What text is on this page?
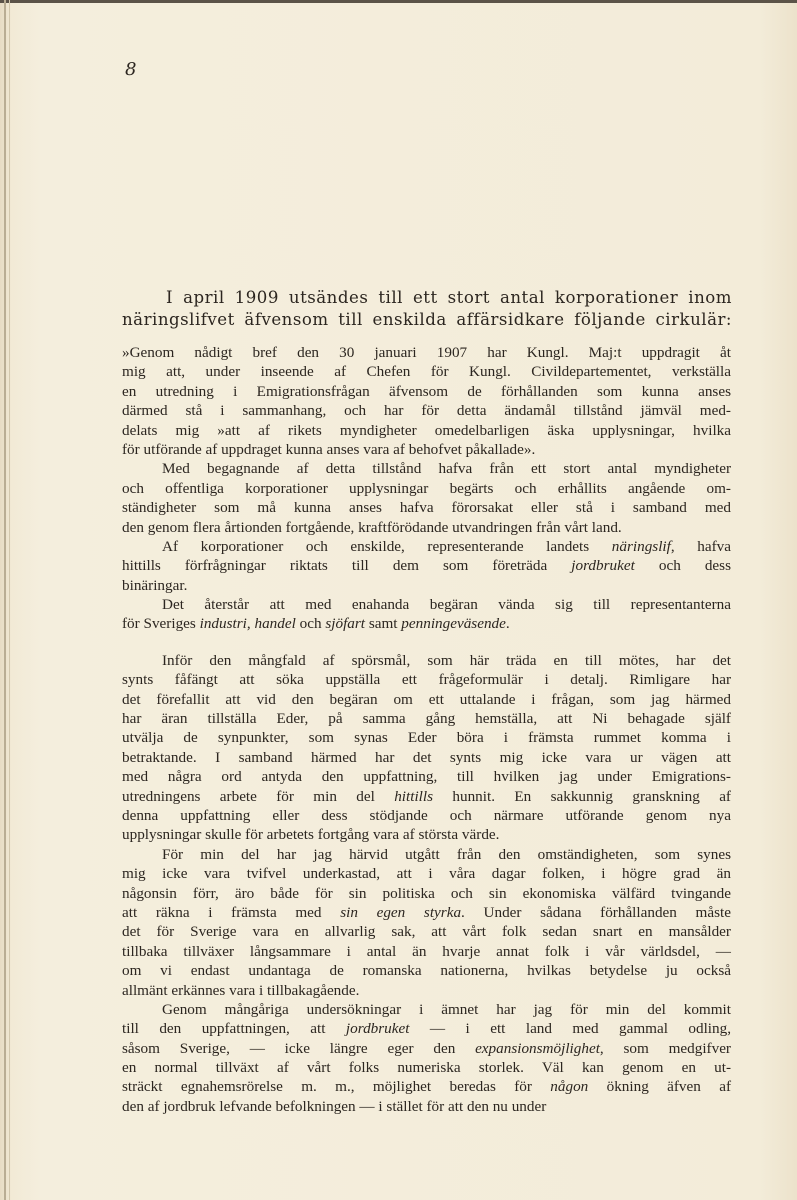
8
I april 1909 utsändes till ett stort antal korporationer inom
näringslifvet äfvensom till enskilda affärsidkare följande cirkulär:
»Genom nådigt bref den 30 januari 1907 har Kungl. Maj:t uppdragit åt
mig att, under inseende af Chefen för Kungl. Civildepartementet, verkställa
en utredning i Emigrationsfrågan äfvensom de förhållanden som kunna anses
därmed stå i sammanhang, och har för detta ändamål tillstånd jämväl med-
delats mig »att af rikets myndigheter omedelbarligen äska upplysningar, hvilka
för utförande af uppdraget kunna anses vara af behofvet påkallade».
Med begagnande af detta tillstånd hafva från ett stort antal myndigheter
och offentliga korporationer upplysningar begärts och erhållits angående om-
ständigheter som må kunna anses hafva förorsakat eller stå i samband med
den genom flera årtionden fortgående, kraftförödande utvandringen från vårt land.
Af korporationer och enskilde, representerande landets näringslif, hafva
hittills förfrågningar riktats till dem som företräda jordbruket och dess
binäringar.
Det återstår att med enahanda begäran vända sig till representanterna
för Sveriges industri, handel och sjöfart samt penningeväsende.
Inför den mångfald af spörsmål, som här träda en till mötes, har det
synts fåfängt att söka uppställa ett frågeformulär i detalj. Rimligare har
det förefallit att vid den begäran om ett uttalande i frågan, som jag härmed
har äran tillställa Eder, på samma gång hemställa, att Ni behagade själf
utvälja de synpunkter, som synas Eder böra i främsta rummet komma i
betraktande. I samband härmed har det synts mig icke vara ur vägen att
med några ord antyda den uppfattning, till hvilken jag under Emigrations-
utredningens arbete för min del hittills hunnit. En sakkunnig granskning af
denna uppfattning eller dess stödjande och närmare utförande genom nya
upplysningar skulle för arbetets fortgång vara af största värde.
För min del har jag härvid utgått från den omständigheten, som synes
mig icke vara tvifvel underkastad, att i våra dagar folken, i högre grad än
någonsin förr, äro både för sin politiska och sin ekonomiska välfärd tvingande
att räkna i främsta med sin egen styrka. Under sådana förhållanden måste
det för Sverige vara en allvarlig sak, att vårt folk sedan snart en mansålder
tillbaka tillväxer långsammare i antal än hvarje annat folk i vår världsdel, —
om vi endast undantaga de romanska nationerna, hvilkas betydelse ju också
allmänt erkännes vara i tillbakagående.
Genom mångåriga undersökningar i ämnet har jag för min del kommit
till den uppfattningen, att jordbruket — i ett land med gammal odling,
såsom Sverige, — icke längre eger den expansionsmöjlighet, som medgifver
en normal tillväxt af vårt folks numeriska storlek. Väl kan genom en ut-
sträckt egnahemsrörelse m. m., möjlighet beredas för någon ökning äfven af
den af jordbruk lefvande befolkningen — i stället för att den nu under
